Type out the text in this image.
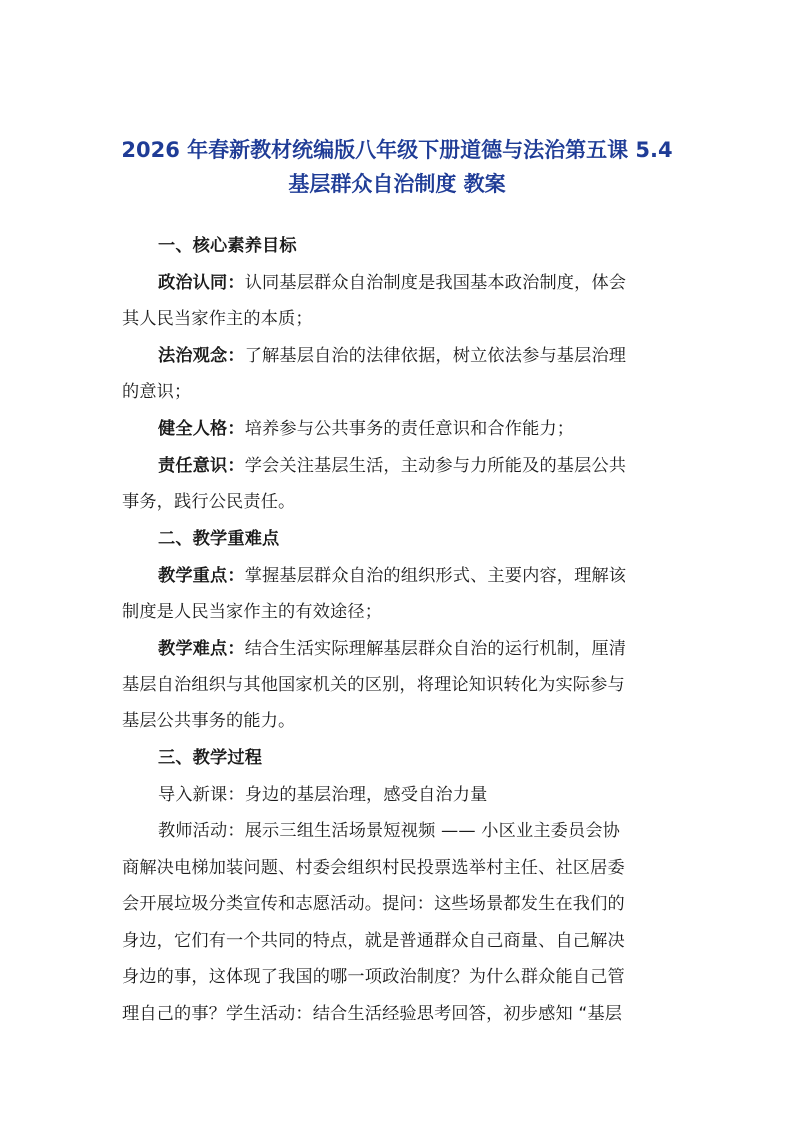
2026 年春新教材统编版八年级下册道德与法治第五课 5.4
基层群众自治制度 教案
一、核心素养目标
政治认同：认同基层群众自治制度是我国基本政治制度，体会
其人民当家作主的本质；
法治观念：了解基层自治的法律依据，树立依法参与基层治理
的意识；
健全人格：培养参与公共事务的责任意识和合作能力；
责任意识：学会关注基层生活，主动参与力所能及的基层公共
事务，践行公民责任。
二、教学重难点
教学重点：掌握基层群众自治的组织形式、主要内容，理解该
制度是人民当家作主的有效途径；
教学难点：结合生活实际理解基层群众自治的运行机制，厘清
基层自治组织与其他国家机关的区别，将理论知识转化为实际参与
基层公共事务的能力。
三、教学过程
导入新课：身边的基层治理，感受自治力量
教师活动：展示三组生活场景短视频 —— 小区业主委员会协
商解决电梯加装问题、村委会组织村民投票选举村主任、社区居委
会开展垃圾分类宣传和志愿活动。提问：这些场景都发生在我们的
身边，它们有一个共同的特点，就是普通群众自己商量、自己解决
身边的事，这体现了我国的哪一项政治制度？为什么群众能自己管
理自己的事？学生活动：结合生活经验思考回答，初步感知 “基层
